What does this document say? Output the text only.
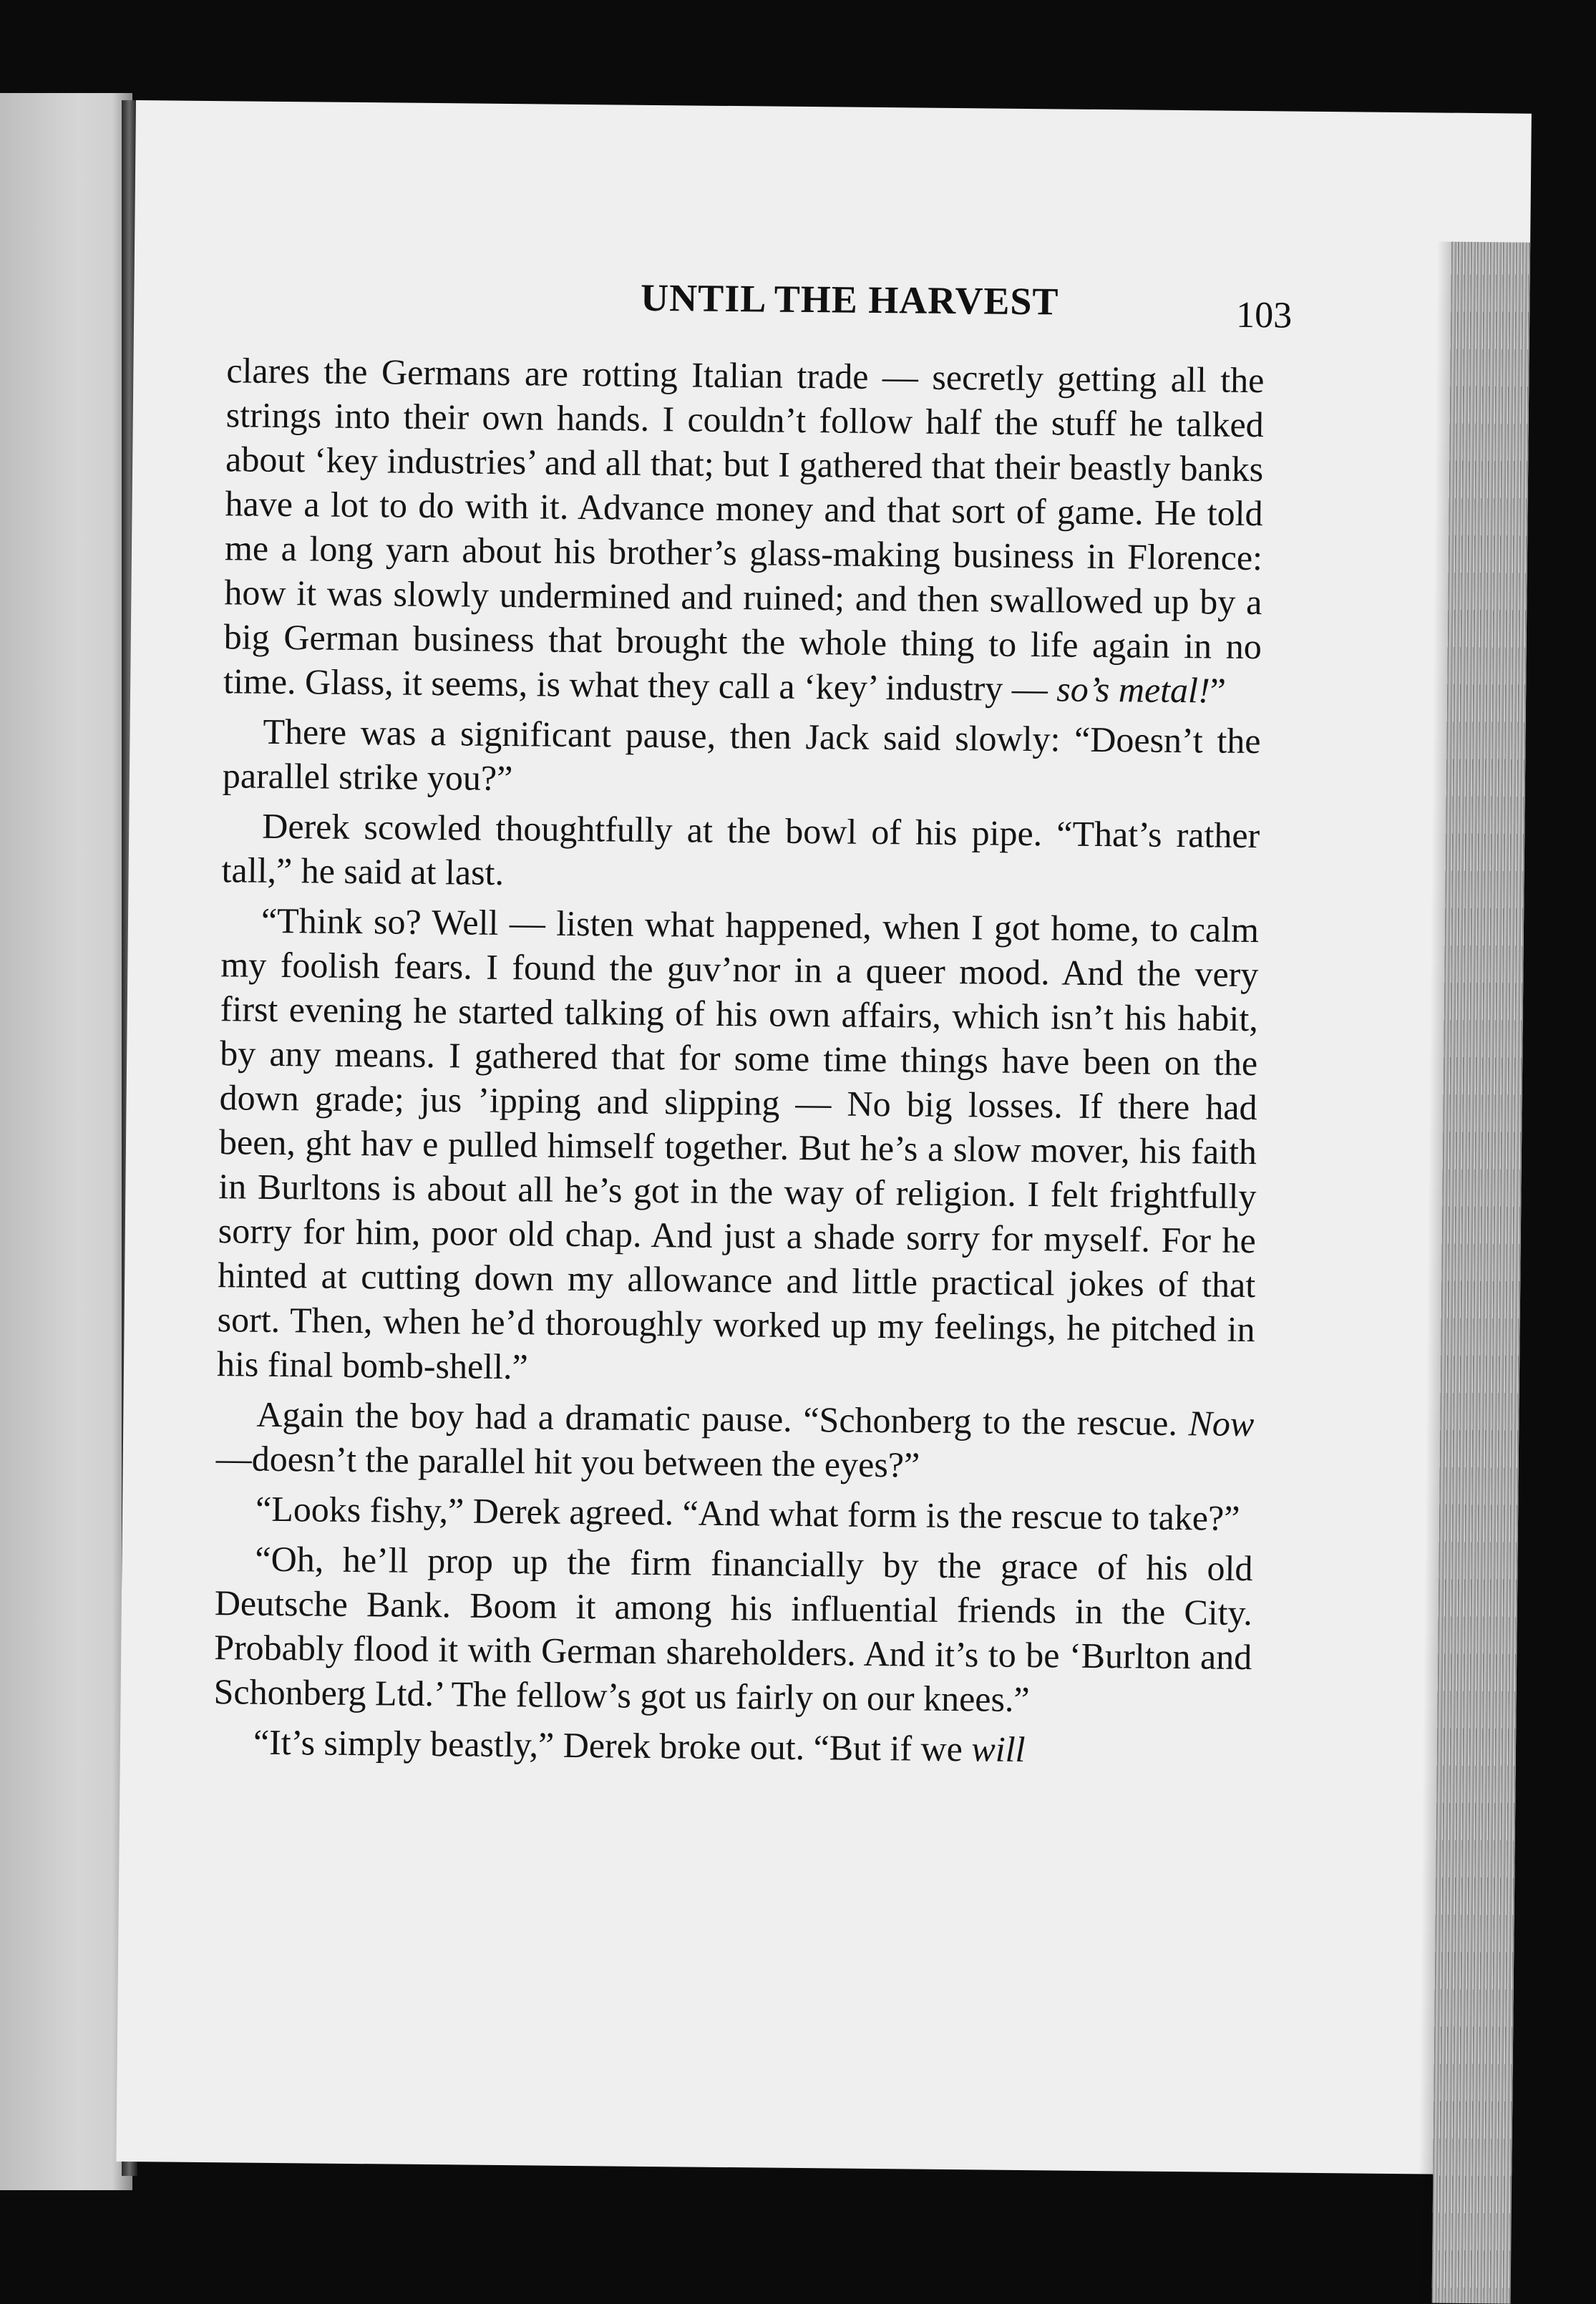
UNTIL THE HARVEST	103

clares the Germans are rotting Italian trade — secretly getting all the strings into their own hands. I couldn’t follow half the stuff he talked about ‘key industries’ and all that; but I gathered that their beastly banks have a lot to do with it. Advance money and that sort of game. He told me a long yarn about his brother’s glass-making business in Florence: how it was slowly undermined and ruined; and then swallowed up by a big German business that brought the whole thing to life again in no time. Glass, it seems, is what they call a ‘key’ industry — so’s metal!”

There was a significant pause, then Jack said slowly: “Doesn’t the parallel strike you?”

Derek scowled thoughtfully at the bowl of his pipe. “That’s rather tall,” he said at last.

“Think so? Well — listen what happened, when I got home, to calm my foolish fears. I found the guv’nor in a queer mood. And the very first evening he started talking of his own affairs, which isn’t his habit, by any means. I gathered that for some time things have been on the down grade; jus ’ipping and slipping — No big losses. If there had been, ght hav e pulled himself together. But he’s a slow mover, his faith in Burltons is about all he’s got in the way of religion. I felt frightfully sorry for him, poor old chap. And just a shade sorry for myself. For he hinted at cutting down my allowance and little practical jokes of that sort. Then, when he’d thoroughly worked up my feelings, he pitched in his final bomb-shell.”

Again the boy had a dramatic pause. “Schonberg to the rescue. Now—doesn’t the parallel hit you between the eyes?”

“Looks fishy,” Derek agreed. “And what form is the rescue to take?”

“Oh, he’ll prop up the firm financially by the grace of his old Deutsche Bank. Boom it among his influential friends in the City. Probably flood it with German shareholders. And it’s to be ‘Burlton and Schonberg Ltd.’ The fellow’s got us fairly on our knees.”

“It’s simply beastly,” Derek broke out. “But if we will
